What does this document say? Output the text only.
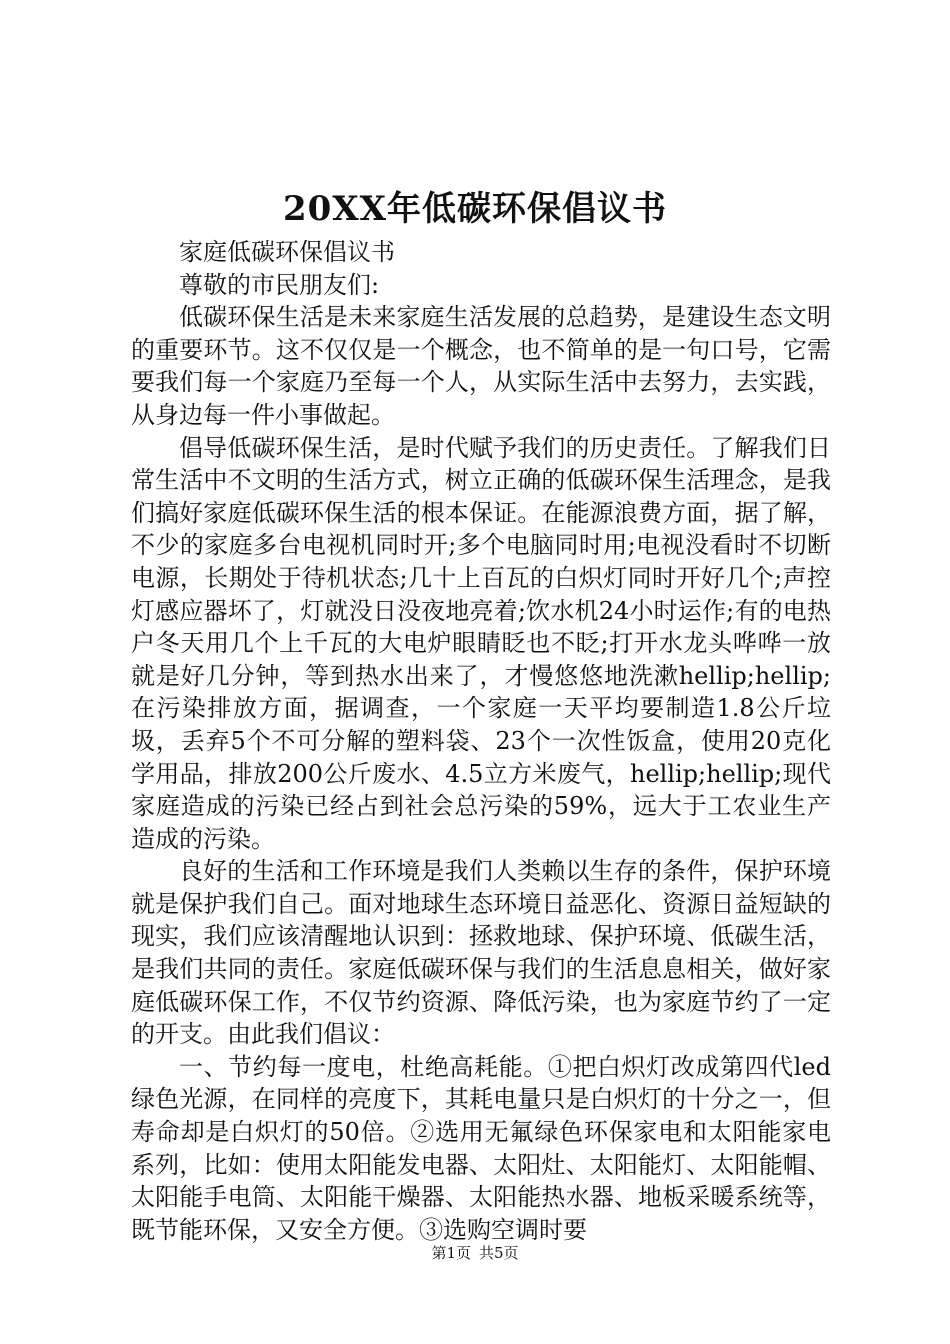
20XX年低碳环保倡议书

家庭低碳环保倡议书

尊敬的市民朋友们:

低碳环保生活是未来家庭生活发展的总趋势，是建设生态文明的重要环节。这不仅仅是一个概念，也不简单的是一句口号，它需要我们每一个家庭乃至每一个人，从实际生活中去努力，去实践，从身边每一件小事做起。

倡导低碳环保生活，是时代赋予我们的历史责任。了解我们日常生活中不文明的生活方式，树立正确的低碳环保生活理念，是我们搞好家庭低碳环保生活的根本保证。在能源浪费方面，据了解，不少的家庭多台电视机同时开;多个电脑同时用;电视没看时不切断电源，长期处于待机状态;几十上百瓦的白炽灯同时开好几个;声控灯感应器坏了，灯就没日没夜地亮着;饮水机24小时运作;有的电热户冬天用几个上千瓦的大电炉眼睛眨也不眨;打开水龙头哗哗一放就是好几分钟，等到热水出来了，才慢悠悠地洗漱hellip;hellip;在污染排放方面，据调查，一个家庭一天平均要制造1.8公斤垃圾，丢弃5个不可分解的塑料袋、23个一次性饭盒，使用20克化学用品，排放200公斤废水、4.5立方米废气，hellip;hellip;现代家庭造成的污染已经占到社会总污染的59%，远大于工农业生产造成的污染。

良好的生活和工作环境是我们人类赖以生存的条件，保护环境就是保护我们自己。面对地球生态环境日益恶化、资源日益短缺的现实，我们应该清醒地认识到：拯救地球、保护环境、低碳生活，是我们共同的责任。家庭低碳环保与我们的生活息息相关，做好家庭低碳环保工作，不仅节约资源、降低污染，也为家庭节约了一定的开支。由此我们倡议：

一、节约每一度电，杜绝高耗能。①把白炽灯改成第四代led绿色光源，在同样的亮度下，其耗电量只是白炽灯的十分之一，但寿命却是白炽灯的50倍。②选用无氟绿色环保家电和太阳能家电系列，比如：使用太阳能发电器、太阳灶、太阳能灯、太阳能帽、太阳能手电筒、太阳能干燥器、太阳能热水器、地板采暖系统等，既节能环保，又安全方便。③选购空调时要

第1页 共5页
